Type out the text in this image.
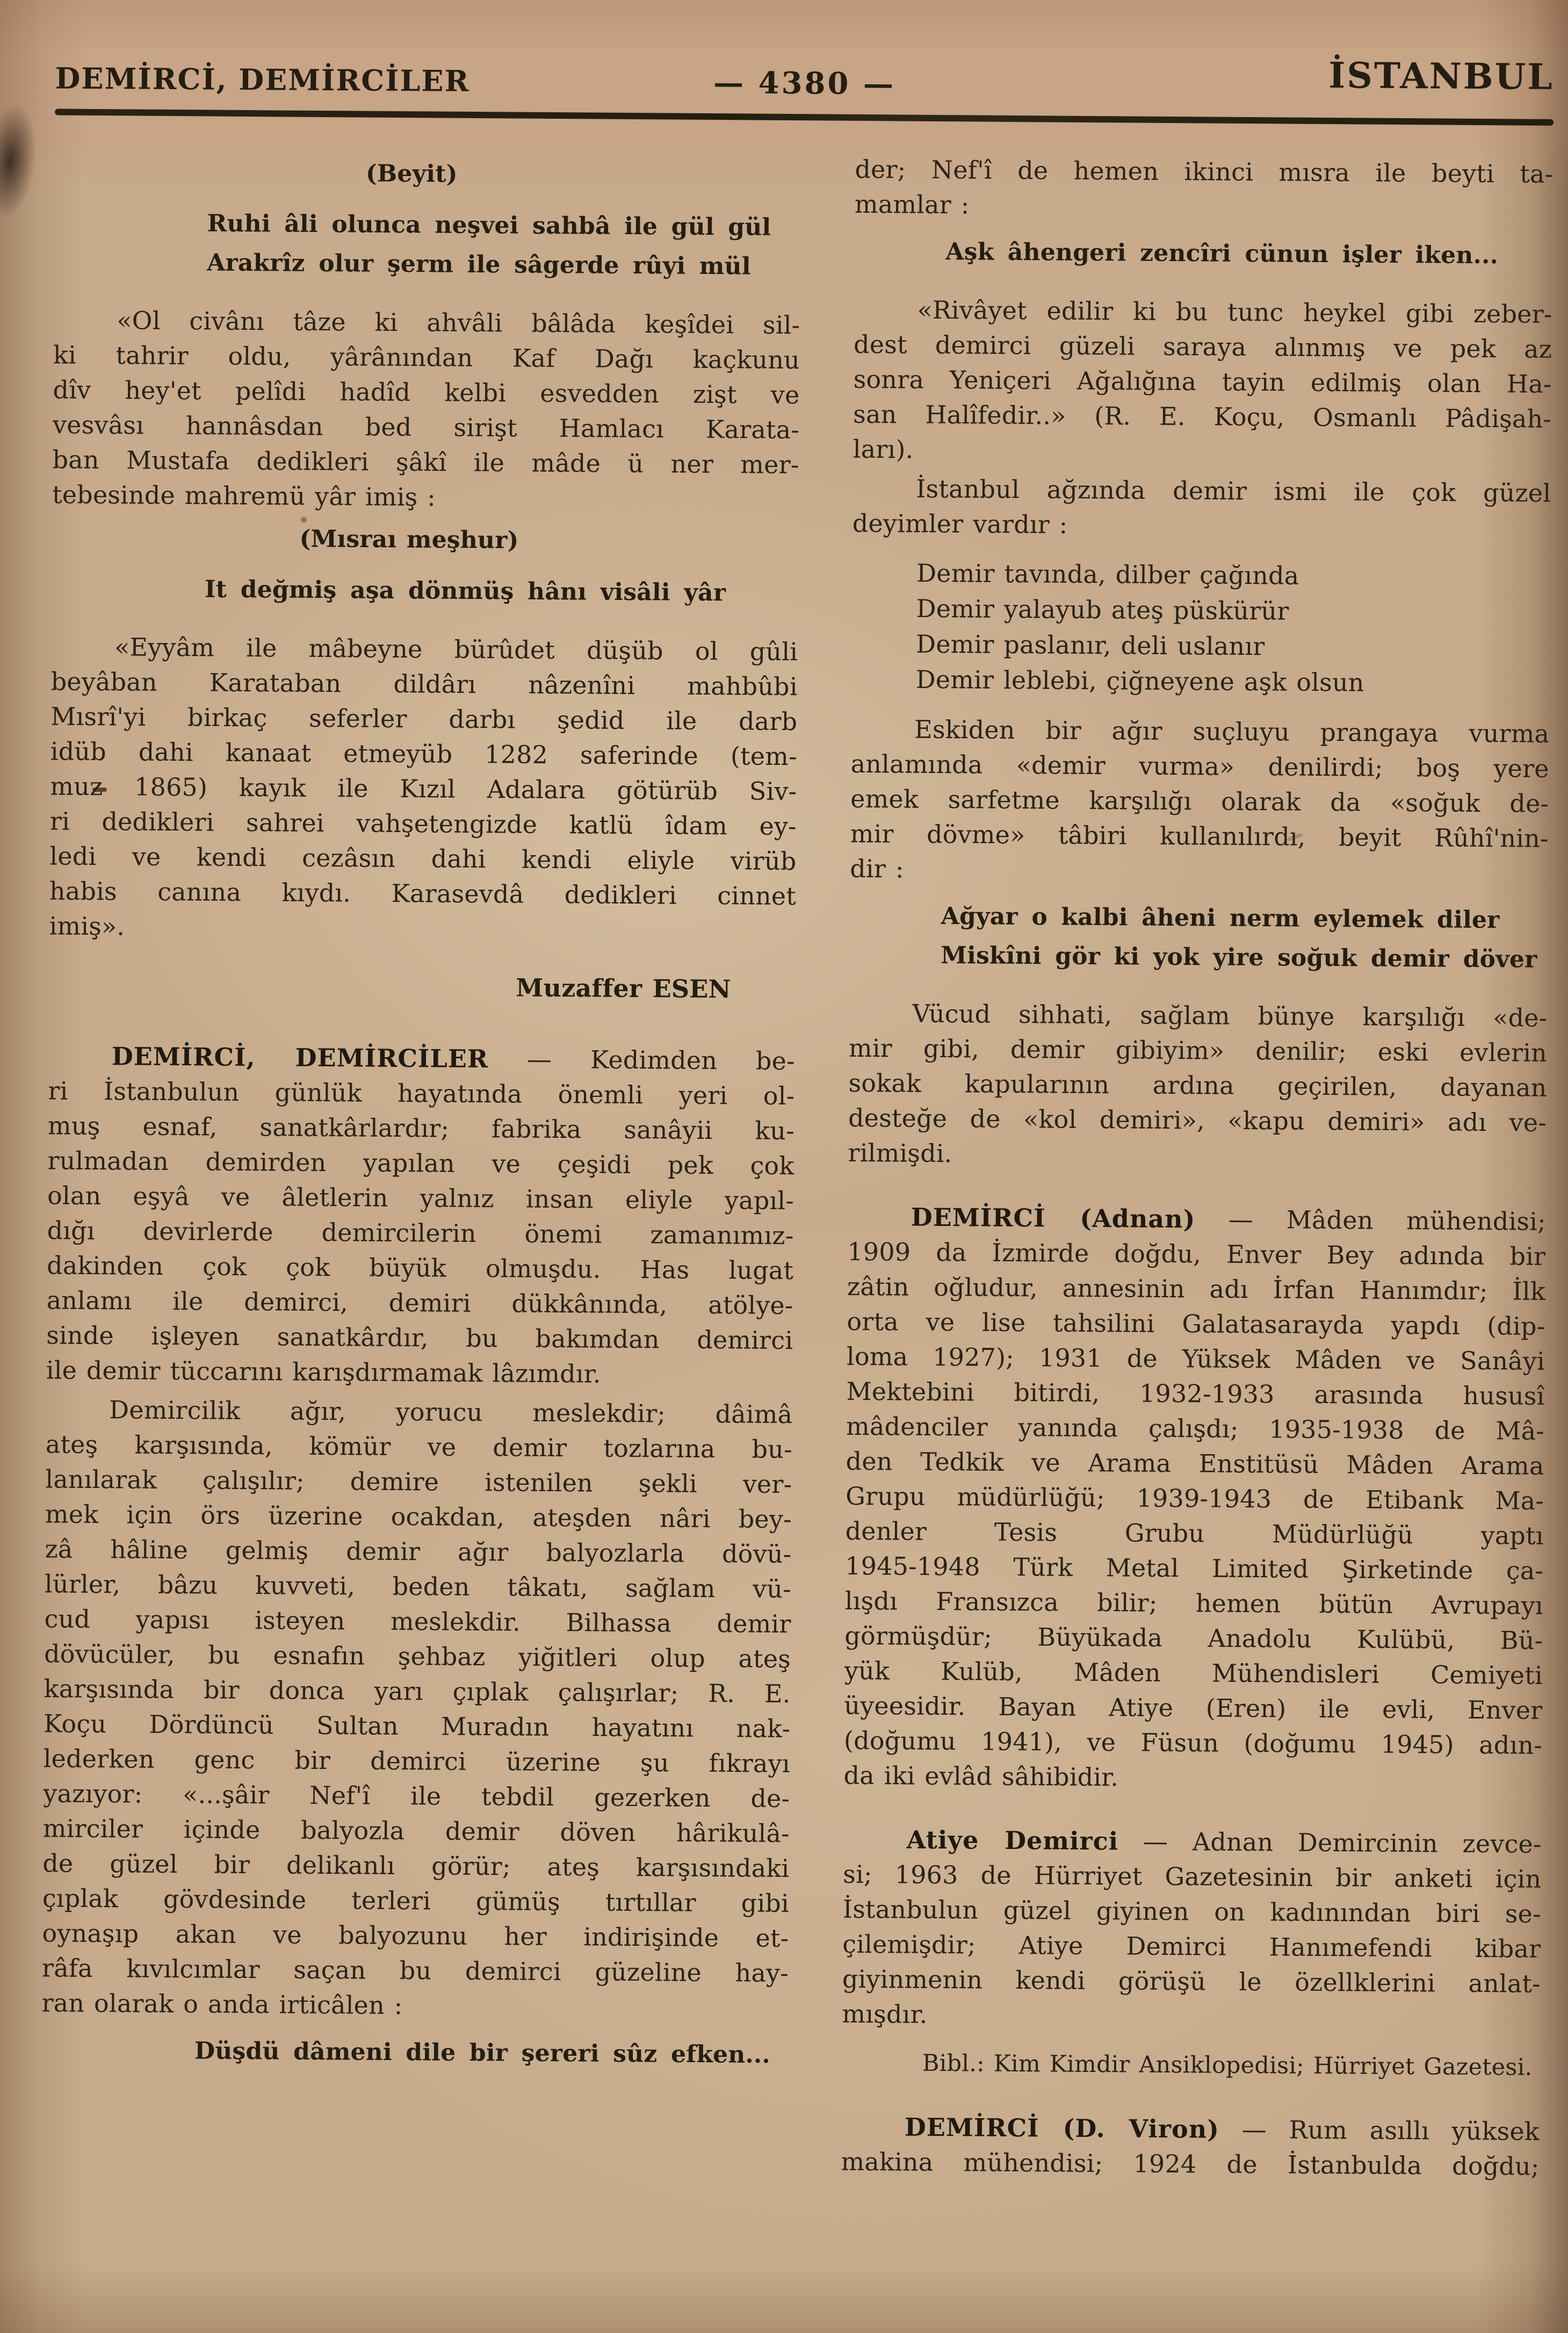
DEMİRCİ, DEMİRCİLER	— 4380 —	İSTANBUL
(Beyit)
Ruhi âli olunca neşvei sahbâ ile gül gül
Arakrîz olur şerm ile sâgerde rûyi mül

«Ol civânı tâze ki ahvâli bâlâda keşîdei sil-
ki tahrir oldu, yârânından Kaf Dağı kaçkunu
dîv hey'et pelîdi hadîd kelbi esvedden zişt ve
vesvâsı hannâsdan bed sirişt Hamlacı Karata-
ban Mustafa dedikleri şâkî ile mâde ü ner mer-
tebesinde mahremü yâr imiş :

(Mısraı meşhur)
It değmiş aşa dönmüş hânı visâli yâr

«Eyyâm ile mâbeyne bürûdet düşüb ol gûli
beyâban Karataban dildârı nâzenîni mahbûbi
Mısrî'yi birkaç seferler darbı şedid ile darb
idüb dahi kanaat etmeyüb 1282 saferinde (tem-
muz 1865) kayık ile Kızıl Adalara götürüb Siv-
ri dedikleri sahrei vahşetengizde katlü îdam ey-
ledi ve kendi cezâsın dahi kendi eliyle virüb
habis canına kıydı. Karasevdâ dedikleri cinnet
imiş».

Muzaffer ESEN

DEMİRCİ, DEMİRCİLER — Kedimden be-
ri İstanbulun günlük hayatında önemli yeri ol-
muş esnaf, sanatkârlardır; fabrika sanâyii ku-
rulmadan demirden yapılan ve çeşidi pek çok
olan eşyâ ve âletlerin yalnız insan eliyle yapıl-
dığı devirlerde demircilerin önemi zamanımız-
dakinden çok çok büyük olmuşdu. Has lugat
anlamı ile demirci, demiri dükkânında, atölye-
sinde işleyen sanatkârdır, bu bakımdan demirci
ile demir tüccarını karışdırmamak lâzımdır.

Demircilik ağır, yorucu meslekdir; dâimâ
ateş karşısında, kömür ve demir tozlarına bu-
lanılarak çalışılır; demire istenilen şekli ver-
mek için örs üzerine ocakdan, ateşden nâri bey-
zâ hâline gelmiş demir ağır balyozlarla dövü-
lürler, bâzu kuvveti, beden tâkatı, sağlam vü-
cud yapısı isteyen meslekdir. Bilhassa demir
dövücüler, bu esnafın şehbaz yiğitleri olup ateş
karşısında bir donca yarı çıplak çalışırlar; R. E.
Koçu Dördüncü Sultan Muradın hayatını nak-
lederken genc bir demirci üzerine şu fıkrayı
yazıyor: «...şâir Nef'î ile tebdil gezerken de-
mirciler içinde balyozla demir döven hârikulâ-
de güzel bir delikanlı görür; ateş karşısındaki
çıplak gövdesinde terleri gümüş tırtıllar gibi
oynaşıp akan ve balyozunu her indirişinde et-
râfa kıvılcımlar saçan bu demirci güzeline hay-
ran olarak o anda irticâlen :

Düşdü dâmeni dile bir şereri sûz efken...

der; Nef'î de hemen ikinci mısra ile beyti ta-
mamlar :

Aşk âhengeri zencîri cünun işler iken...

«Rivâyet edilir ki bu tunc heykel gibi zeber-
dest demirci güzeli saraya alınmış ve pek az
sonra Yeniçeri Ağalığına tayin edilmiş olan Ha-
san Halîfedir..» (R. E. Koçu, Osmanlı Pâdişah-
ları).

İstanbul ağzında demir ismi ile çok güzel
deyimler vardır :

Demir tavında, dilber çağında
Demir yalayub ateş püskürür
Demir paslanır, deli uslanır
Demir leblebi, çiğneyene aşk olsun

Eskiden bir ağır suçluyu prangaya vurma
anlamında «demir vurma» denilirdi; boş yere
emek sarfetme karşılığı olarak da «soğuk de-
mir dövme» tâbiri kullanılırdı, beyit Rûhî'nin-
dir :

Ağyar o kalbi âheni nerm eylemek diler
Miskîni gör ki yok yire soğuk demir döver

Vücud sihhati, sağlam bünye karşılığı «de-
mir gibi, demir gibiyim» denilir; eski evlerin
sokak kapularının ardına geçirilen, dayanan
desteğe de «kol demiri», «kapu demiri» adı ve-
rilmişdi.

DEMİRCİ (Adnan) — Mâden mühendisi;
1909 da İzmirde doğdu, Enver Bey adında bir
zâtin oğludur, annesinin adı İrfan Hanımdır; İlk
orta ve lise tahsilini Galatasarayda yapdı (dip-
loma 1927); 1931 de Yüksek Mâden ve Sanâyi
Mektebini bitirdi, 1932-1933 arasında hususî
mâdenciler yanında çalışdı; 1935-1938 de Mâ-
den Tedkik ve Arama Enstitüsü Mâden Arama
Grupu müdürlüğü; 1939-1943 de Etibank Ma-
denler Tesis Grubu Müdürlüğü yaptı
1945-1948 Türk Metal Limited Şirketinde ça-
lışdı Fransızca bilir; hemen bütün Avrupayı
görmüşdür; Büyükada Anadolu Kulübü, Bü-
yük Kulüb, Mâden Mühendisleri Cemiyeti
üyeesidir. Bayan Atiye (Eren) ile evli, Enver
(doğumu 1941), ve Füsun (doğumu 1945) adın-
da iki evlâd sâhibidir.

Atiye Demirci — Adnan Demircinin zevce-
si; 1963 de Hürriyet Gazetesinin bir anketi için
İstanbulun güzel giyinen on kadınından biri se-
çilemişdir; Atiye Demirci Hanımefendi kibar
giyinmenin kendi görüşü le özellklerini anlat-
mışdır.

Bibl.: Kim Kimdir Ansiklopedisi; Hürriyet Gazetesi.

DEMİRCİ (D. Viron) — Rum asıllı yüksek
makina mühendisi; 1924 de İstanbulda doğdu;
